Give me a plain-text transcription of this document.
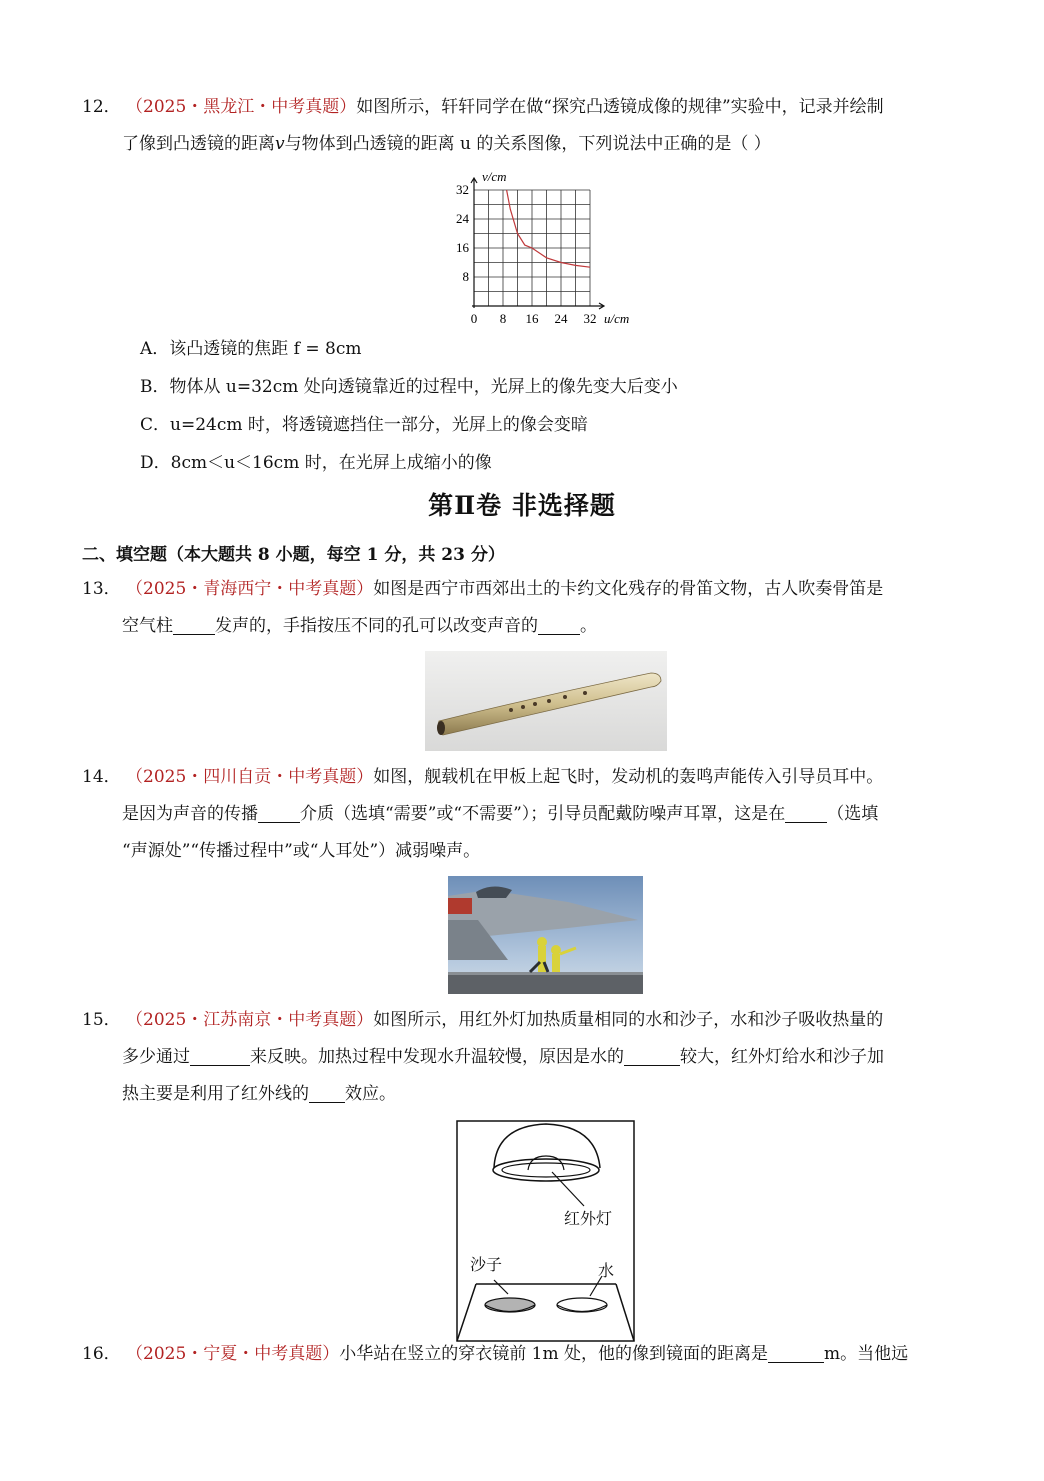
12． （2025・黑龙江・中考真题）如图所示，轩轩同学在做“探究凸透镜成像的规律”实验中，记录并绘制
了像到凸透镜的距离v与物体到凸透镜的距离 u 的关系图像，下列说法中正确的是（ ）
v/cm
u/cm
0 8 16 24 32
8
16
24
32
A．该凸透镜的焦距 f = 8cm
B．物体从 u=32cm 处向透镜靠近的过程中，光屏上的像先变大后变小
C．u=24cm 时，将透镜遮挡住一部分，光屏上的像会变暗
D．8cm＜u＜16cm 时，在光屏上成缩小的像
第Ⅱ卷 非选择题
二、填空题（本大题共 8 小题，每空 1 分，共 23 分）
13． （2025・青海西宁・中考真题）如图是西宁市西郊出土的卡约文化残存的骨笛文物，古人吹奏骨笛是
空气柱 发声的，手指按压不同的孔可以改变声音的 。
14． （2025・四川自贡・中考真题）如图，舰载机在甲板上起飞时，发动机的轰鸣声能传入引导员耳中。
是因为声音的传播 介质（选填“需要”或“不需要”）；引导员配戴防噪声耳罩，这是在 （选填
“声源处”“传播过程中”或“人耳处”）减弱噪声。
15． （2025・江苏南京・中考真题）如图所示，用红外灯加热质量相同的水和沙子，水和沙子吸收热量的
多少通过	来反映。加热过程中发现水升温较慢，原因是水的	较大，红外灯给水和沙子加
热主要是利用了红外线的 效应。
红外灯
沙子	水
16． （2025・宁夏・中考真题）小华站在竖立的穿衣镜前 1m 处，他的像到镜面的距离是	m。当他远
